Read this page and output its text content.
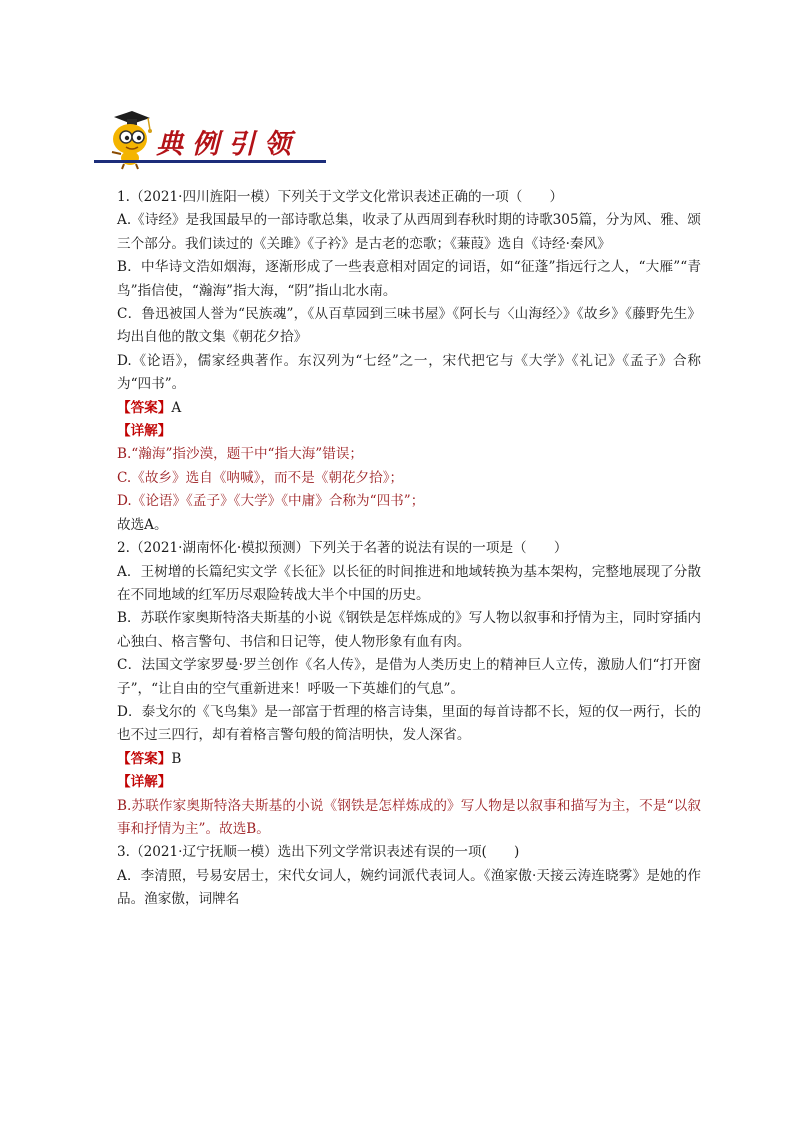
典例引领

1.（2021·四川旌阳一模）下列关于文学文化常识表述正确的一项（　　）

A.《诗经》是我国最早的一部诗歌总集，收录了从西周到春秋时期的诗歌305篇，分为风、雅、颂三个部分。我们读过的《关雎》《子衿》是古老的恋歌；《蒹葭》选自《诗经·秦风》

B．中华诗文浩如烟海，逐渐形成了一些表意相对固定的词语，如“征蓬”指远行之人，“大雁”“青鸟”指信使，“瀚海”指大海，“阴”指山北水南。

C．鲁迅被国人誉为“民族魂”，《从百草园到三味书屋》《阿长与〈山海经〉》《故乡》《藤野先生》均出自他的散文集《朝花夕拾》

D.《论语》，儒家经典著作。东汉列为“七经”之一，宋代把它与《大学》《礼记》《孟子》合称为“四书”。

【答案】A

【详解】

B.“瀚海”指沙漠，题干中“指大海”错误；

C.《故乡》选自《呐喊》，而不是《朝花夕拾》；

D.《论语》《孟子》《大学》《中庸》合称为“四书”；

故选A。

2.（2021·湖南怀化·模拟预测）下列关于名著的说法有误的一项是（　　）

A．王树增的长篇纪实文学《长征》以长征的时间推进和地域转换为基本架构，完整地展现了分散在不同地域的红军历尽艰险转战大半个中国的历史。

B．苏联作家奥斯特洛夫斯基的小说《钢铁是怎样炼成的》写人物以叙事和抒情为主，同时穿插内心独白、格言警句、书信和日记等，使人物形象有血有肉。

C．法国文学家罗曼·罗兰创作《名人传》，是借为人类历史上的精神巨人立传，激励人们“打开窗子”，“让自由的空气重新进来！呼吸一下英雄们的气息”。

D．泰戈尔的《飞鸟集》是一部富于哲理的格言诗集，里面的每首诗都不长，短的仅一两行，长的也不过三四行，却有着格言警句般的简洁明快，发人深省。

【答案】B

【详解】

B.苏联作家奥斯特洛夫斯基的小说《钢铁是怎样炼成的》写人物是以叙事和描写为主，不是“以叙事和抒情为主”。故选B。

3.（2021·辽宁抚顺一模）选出下列文学常识表述有误的一项(　　)

A．李清照，号易安居士，宋代女词人，婉约词派代表词人。《渔家傲·天接云涛连晓雾》是她的作品。渔家傲，词牌名
